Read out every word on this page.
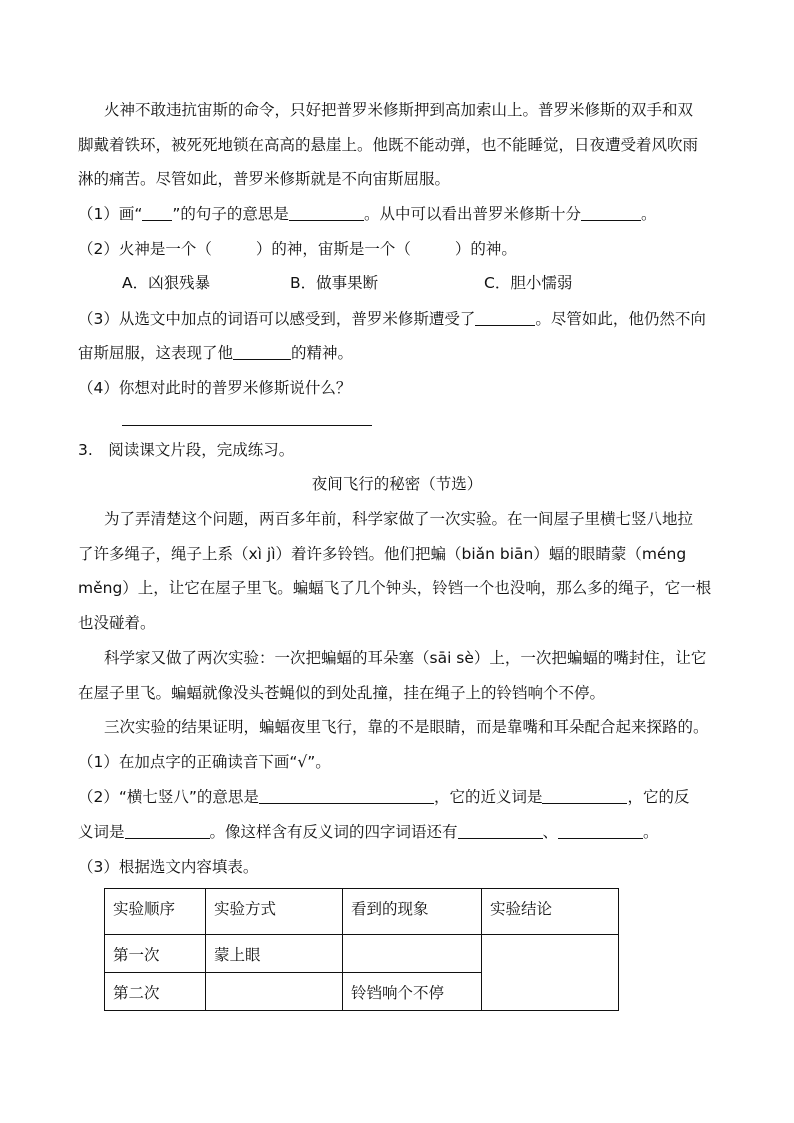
火神不敢违抗宙斯的命令，只好把普罗米修斯押到高加索山上。普罗米修斯的双手和双
脚戴着铁环，被死死地锁在高高的悬崖上。他既不能动弹，也不能睡觉，日夜遭受着风吹雨
淋的痛苦。尽管如此，普罗米修斯就是不向宙斯屈服。
（1）画“ ”的句子的意思是	。从中可以看出普罗米修斯十分	。
（2）火神是一个（	）的神，宙斯是一个（	）的神。
A．凶狠残暴	B．做事果断	C．胆小懦弱
（3）从选文中加点的词语可以感受到，普罗米修斯遭受了	。尽管如此，他仍然不向
宙斯屈服，这表现了他	的精神。
（4）你想对此时的普罗米修斯说什么？
3.　阅读课文片段，完成练习。
夜间飞行的秘密（节选）
为了弄清楚这个问题，两百多年前，科学家做了一次实验。在一间屋子里横七竖八地拉
了许多绳子，绳子上系（xì jì）着许多铃铛。他们把蝙（biǎn biān）蝠的眼睛蒙（méng
měng）上，让它在屋子里飞。蝙蝠飞了几个钟头，铃铛一个也没响，那么多的绳子，它一根
也没碰着。
科学家又做了两次实验：一次把蝙蝠的耳朵塞（sāi sè）上，一次把蝙蝠的嘴封住，让它
在屋子里飞。蝙蝠就像没头苍蝇似的到处乱撞，挂在绳子上的铃铛响个不停。
三次实验的结果证明，蝙蝠夜里飞行，靠的不是眼睛，而是靠嘴和耳朵配合起来探路的。
（1）在加点字的正确读音下画“√”。
（2）“横七竖八”的意思是	，它的近义词是	，它的反
义词是	。像这样含有反义词的四字词语还有	、	。
（3）根据选文内容填表。
实验顺序	实验方式	看到的现象	实验结论
第一次	蒙上眼		
第二次		铃铛响个不停	
